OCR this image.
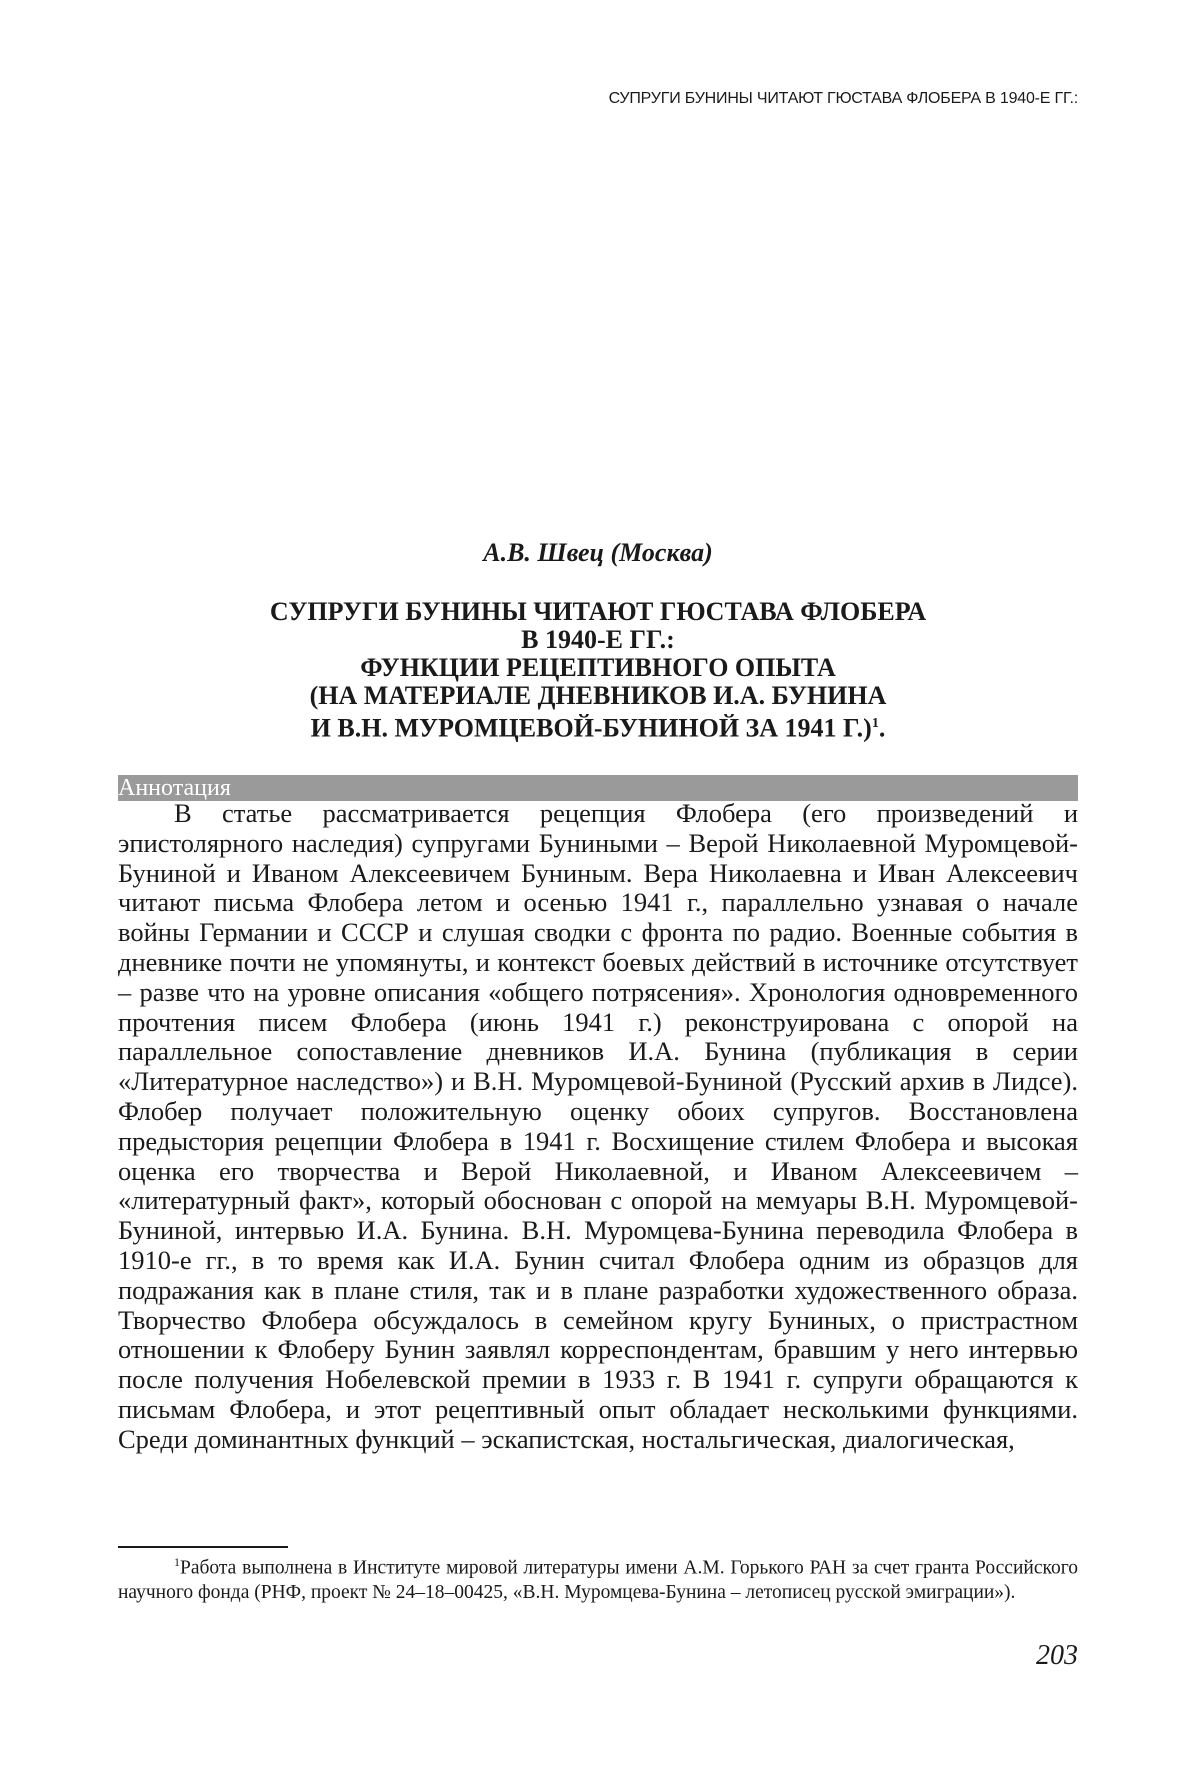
СУПРУГИ БУНИНЫ ЧИТАЮТ ГЮСТАВА ФЛОБЕРА В 1940-Е ГГ.:
А.В. Швец (Москва)
СУПРУГИ БУНИНЫ ЧИТАЮТ ГЮСТАВА ФЛОБЕРА
В 1940-Е ГГ.:
ФУНКЦИИ РЕЦЕПТИВНОГО ОПЫТА
(НА МАТЕРИАЛЕ ДНЕВНИКОВ И.А. БУНИНА
И В.Н. МУРОМЦЕВОЙ-БУНИНОЙ ЗА 1941 Г.)$^1$.
Аннотация

В статье рассматривается рецепция Флобера (его произведений и эпистолярного наследия) супругами Буниными – Верой Николаевной Муромцевой-Буниной и Иваном Алексеевичем Буниным. Вера Николаевна и Иван Алексеевич читают письма Флобера летом и осенью 1941 г., параллельно узнавая о начале войны Германии и СССР и слушая сводки с фронта по радио. Военные события в дневнике почти не упомянуты, и контекст боевых действий в источнике отсутствует – разве что на уровне описания «общего потрясения». Хронология одновременного прочтения писем Флобера (июнь 1941 г.) реконструирована с опорой на параллельное сопоставление дневников И.А. Бунина (публикация в серии «Литературное наследство») и В.Н. Муромцевой-Буниной (Русский архив в Лидсе). Флобер получает положительную оценку обоих супругов. Восстановлена предыстория рецепции Флобера в 1941 г. Восхищение стилем Флобера и высокая оценка его творчества и Верой Николаевной, и Иваном Алексеевичем – «литературный факт», который обоснован с опорой на мемуары В.Н. Муромцевой-Буниной, интервью И.А. Бунина. В.Н. Муромцева-Бунина переводила Флобера в 1910-е гг., в то время как И.А. Бунин считал Флобера одним из образцов для подражания как в плане стиля, так и в плане разработки художественного образа. Творчество Флобера обсуждалось в семейном кругу Буниных, о пристрастном отношении к Флоберу Бунин заявлял корреспондентам, бравшим у него интервью после получения Нобелевской премии в 1933 г. В 1941 г. супруги обращаются к письмам Флобера, и этот рецептивный опыт обладает несколькими функциями. Среди доминантных функций – эскапистская, ностальгическая, диалогическая,

$^1$Работа выполнена в Институте мировой литературы имени А.М. Горького РАН за счет гранта Российского научного фонда (РНФ, проект № 24–18–00425, «В.Н. Муромцева-Бунина – летописец русской эмиграции»).

203
